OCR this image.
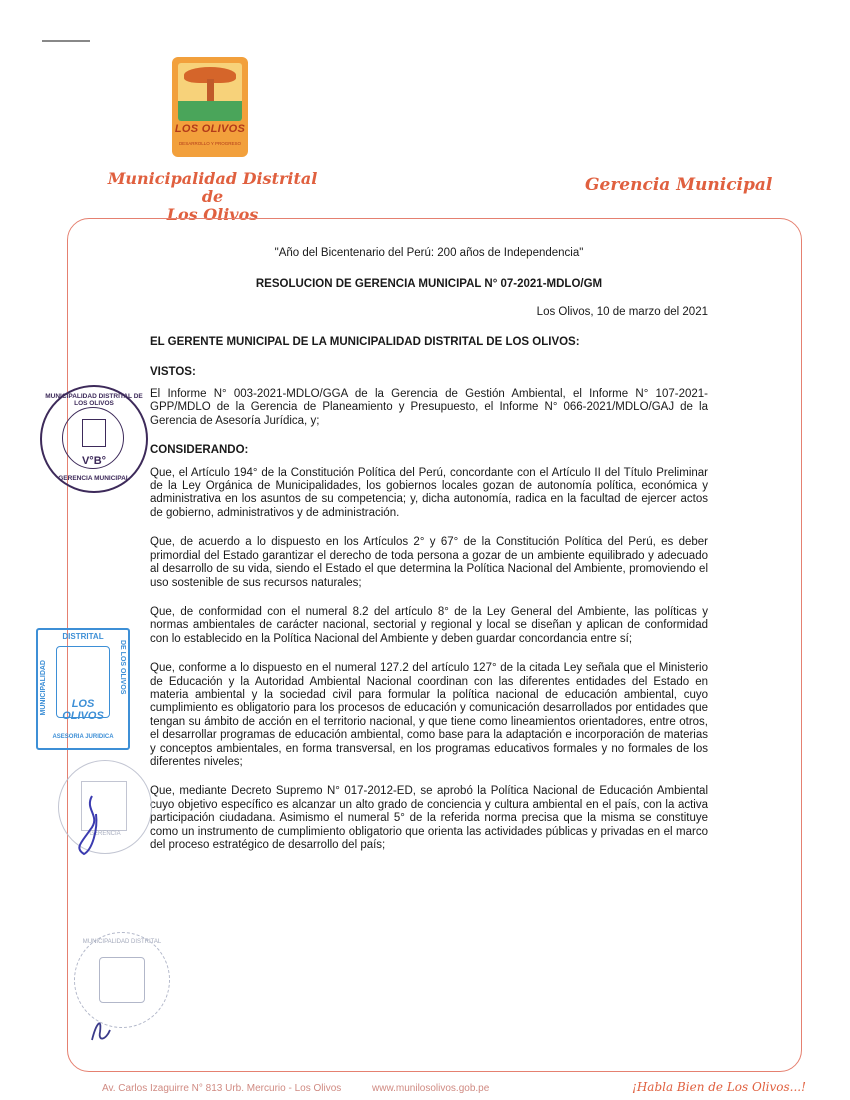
LOS OLIVOS
DESARROLLO Y PROGRESO
Municipalidad Distrital de
Los Olivos
Gerencia Municipal

"Año del Bicentenario del Perú: 200 años de Independencia"

RESOLUCION DE GERENCIA MUNICIPAL N° 07-2021-MDLO/GM

Los Olivos, 10 de marzo del 2021

EL GERENTE MUNICIPAL DE LA MUNICIPALIDAD DISTRITAL DE LOS OLIVOS:

VISTOS:

El Informe N° 003-2021-MDLO/GGA de la Gerencia de Gestión Ambiental, el Informe N° 107-2021-GPP/MDLO de la Gerencia de Planeamiento y Presupuesto, el Informe N° 066-2021/MDLO/GAJ de la Gerencia de Asesoría Jurídica, y;

CONSIDERANDO:

Que, el Artículo 194° de la Constitución Política del Perú, concordante con el Artículo II del Título Preliminar de la Ley Orgánica de Municipalidades, los gobiernos locales gozan de autonomía política, económica y administrativa en los asuntos de su competencia; y, dicha autonomía, radica en la facultad de ejercer actos de gobierno, administrativos y de administración.

Que, de acuerdo a lo dispuesto en los Artículos 2° y 67° de la Constitución Política del Perú, es deber primordial del Estado garantizar el derecho de toda persona a gozar de un ambiente equilibrado y adecuado al desarrollo de su vida, siendo el Estado el que determina la Política Nacional del Ambiente, promoviendo el uso sostenible de sus recursos naturales;

Que, de conformidad con el numeral 8.2 del artículo 8° de la Ley General del Ambiente, las políticas y normas ambientales de carácter nacional, sectorial y regional y local se diseñan y aplican de conformidad con lo establecido en la Política Nacional del Ambiente y deben guardar concordancia entre sí;

Que, conforme a lo dispuesto en el numeral 127.2 del artículo 127° de la citada Ley señala que el Ministerio de Educación y la Autoridad Ambiental Nacional coordinan con las diferentes entidades del Estado en materia ambiental y la sociedad civil para formular la política nacional de educación ambiental, cuyo cumplimiento es obligatorio para los procesos de educación y comunicación desarrollados por entidades que tengan su ámbito de acción en el territorio nacional, y que tiene como lineamientos orientadores, entre otros, el desarrollar programas de educación ambiental, como base para la adaptación e incorporación de materias y conceptos ambientales, en forma transversal, en los programas educativos formales y no formales de los diferentes niveles;

Que, mediante Decreto Supremo N° 017-2012-ED, se aprobó la Política Nacional de Educación Ambiental cuyo objetivo específico es alcanzar un alto grado de conciencia y cultura ambiental en el país, con la activa participación ciudadana. Asimismo el numeral 5° de la referida norma precisa que la misma se constituye como un instrumento de cumplimiento obligatorio que orienta las actividades públicas y privadas en el marco del proceso estratégico de desarrollo del país;

MUNICIPALIDAD DISTRITAL DE LOS OLIVOS
V°B°
GERENCIA MUNICIPAL
DISTRITAL
MUNICIPALIDAD	DE LOS OLIVOS
LOS OLIVOS
ASESORIA JURIDICA
GERENCIA
MUNICIPALIDAD DISTRITAL
Av. Carlos Izaguirre N° 813 Urb. Mercurio - Los Olivos	www.munilosolivos.gob.pe	¡Habla Bien de Los Olivos...!
